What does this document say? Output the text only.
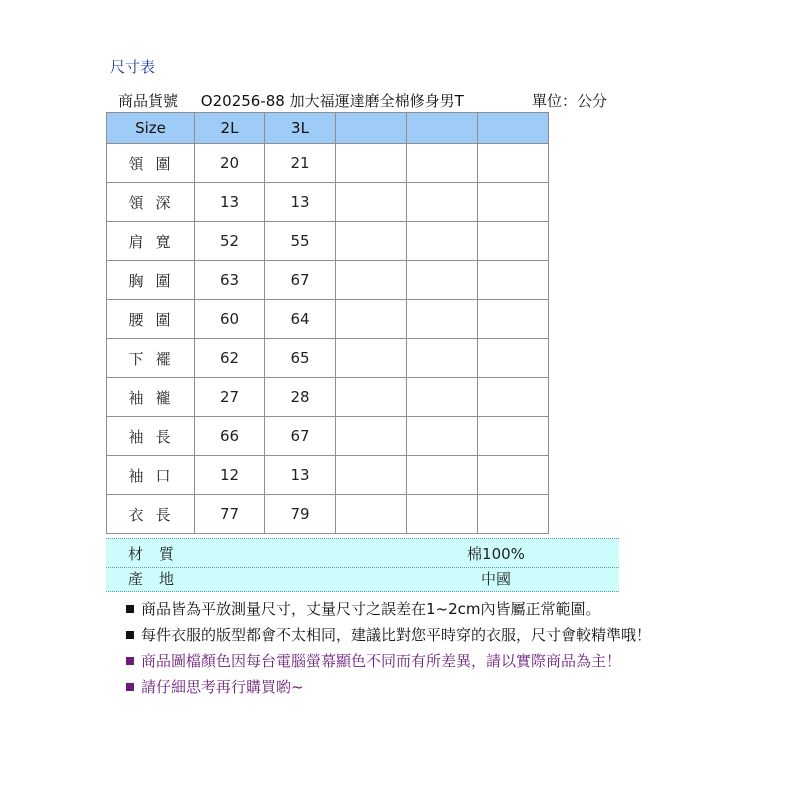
尺寸表
商品貨號 O20256-88 加大福運達磨全棉修身男T	單位：公分
Size	2L	3L			
領圍	20	21			
領深	13	13			
肩寬	52	55			
胸圍	63	67			
腰圍	60	64			
下襬	62	65			
袖襱	27	28			
袖長	66	67			
袖口	12	13			
衣長	77	79			
材質	棉100%
產地	中國
商品皆為平放測量尺寸，丈量尺寸之誤差在1~2cm內皆屬正常範圍。
每件衣服的版型都會不太相同，建議比對您平時穿的衣服，尺寸會較精準哦！
商品圖檔顏色因每台電腦螢幕顯色不同而有所差異，請以實際商品為主！
請仔細思考再行購買喲~
